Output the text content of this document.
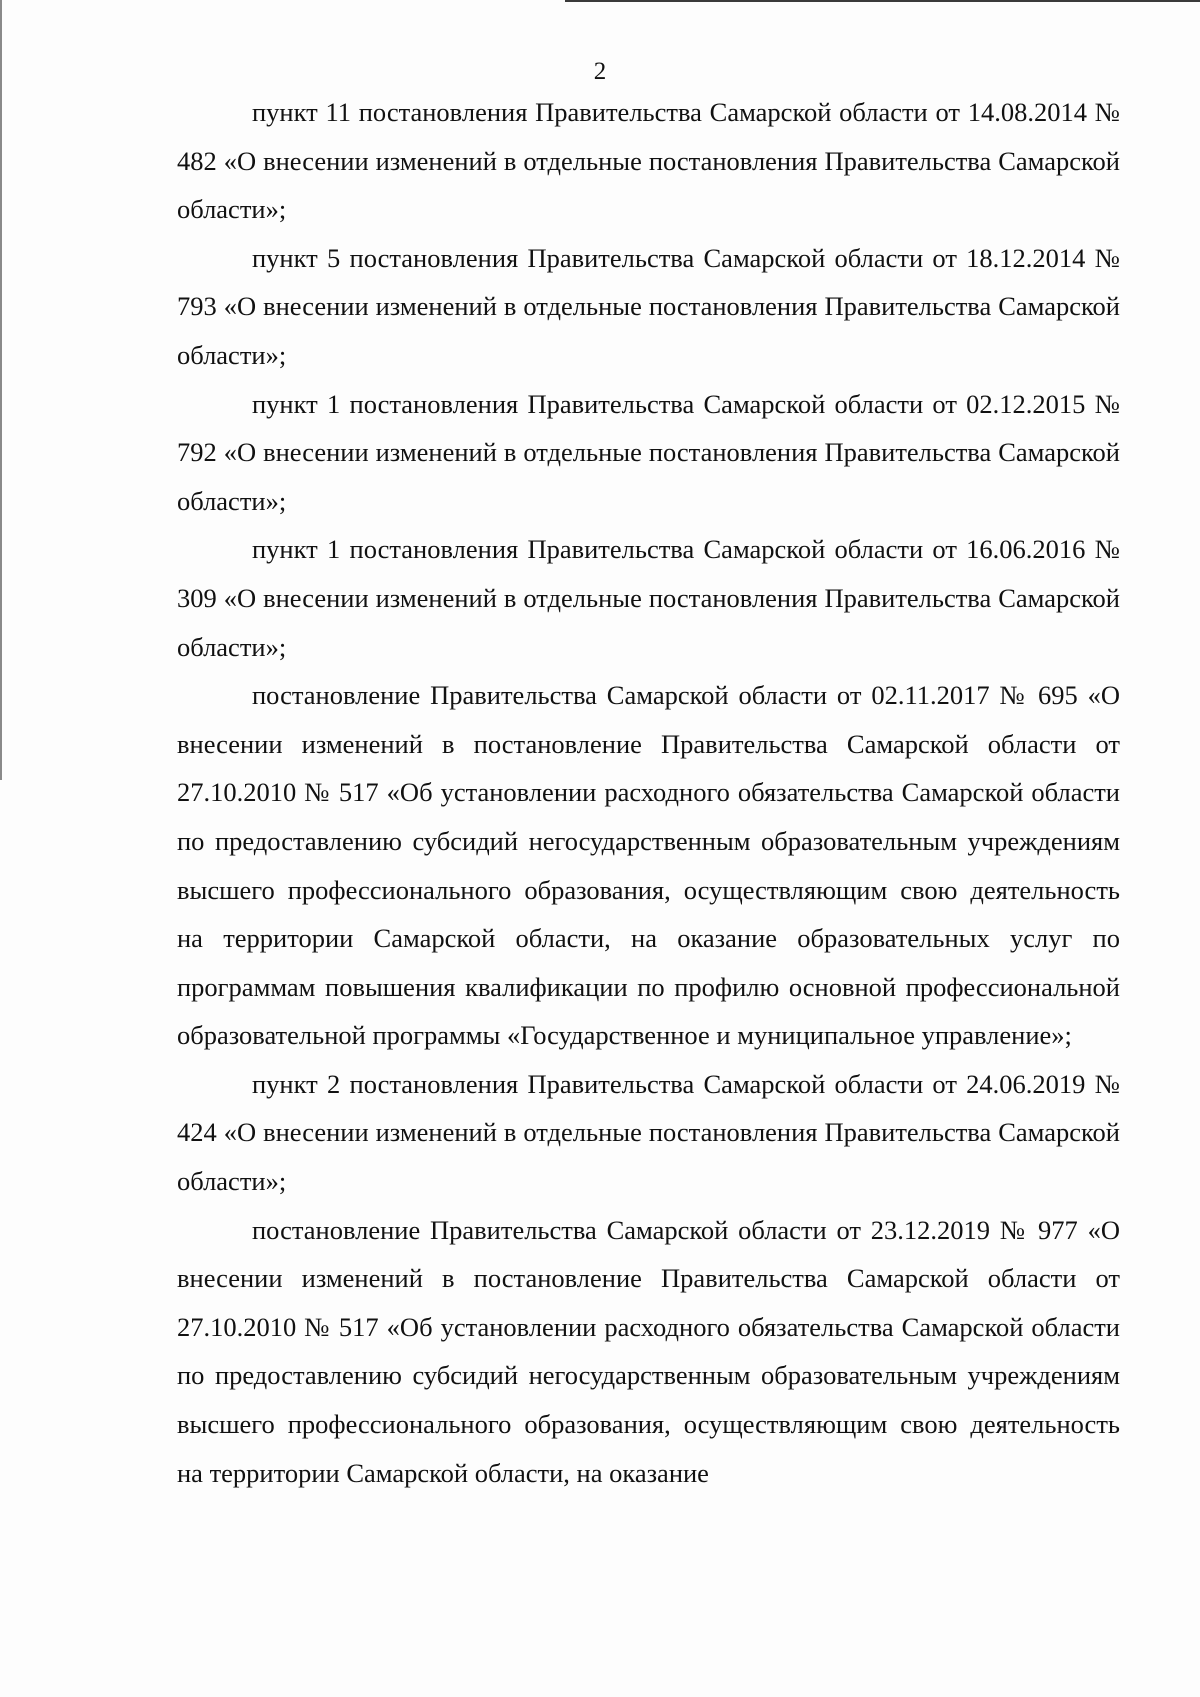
2

пункт 11 постановления Правительства Самарской области от 14.08.2014 № 482 «О внесении изменений в отдельные постановления Правительства Самарской области»;

пункт 5 постановления Правительства Самарской области от 18.12.2014 № 793 «О внесении изменений в отдельные постановления Правительства Самарской области»;

пункт 1 постановления Правительства Самарской области от 02.12.2015 № 792 «О внесении изменений в отдельные постановления Правительства Самарской области»;

пункт 1 постановления Правительства Самарской области от 16.06.2016 № 309 «О внесении изменений в отдельные постановления Правительства Самарской области»;

постановление Правительства Самарской области от 02.11.2017 № 695 «О внесении изменений в постановление Правительства Самарской области от 27.10.2010 № 517 «Об установлении расходного обязательства Самарской области по предоставлению субсидий негосударственным образовательным учреждениям высшего профессионального образования, осуществляющим свою деятельность на территории Самарской области, на оказание образовательных услуг по программам повышения квалификации по профилю основной профессиональной образовательной программы «Государственное и муниципальное управление»;

пункт 2 постановления Правительства Самарской области от 24.06.2019 № 424 «О внесении изменений в отдельные постановления Правительства Самарской области»;

постановление Правительства Самарской области от 23.12.2019 № 977 «О внесении изменений в постановление Правительства Самарской области от 27.10.2010 № 517 «Об установлении расходного обязательства Самарской области по предоставлению субсидий негосударственным образовательным учреждениям высшего профессионального образования, осуществляющим свою деятельность на территории Самарской области, на оказание
